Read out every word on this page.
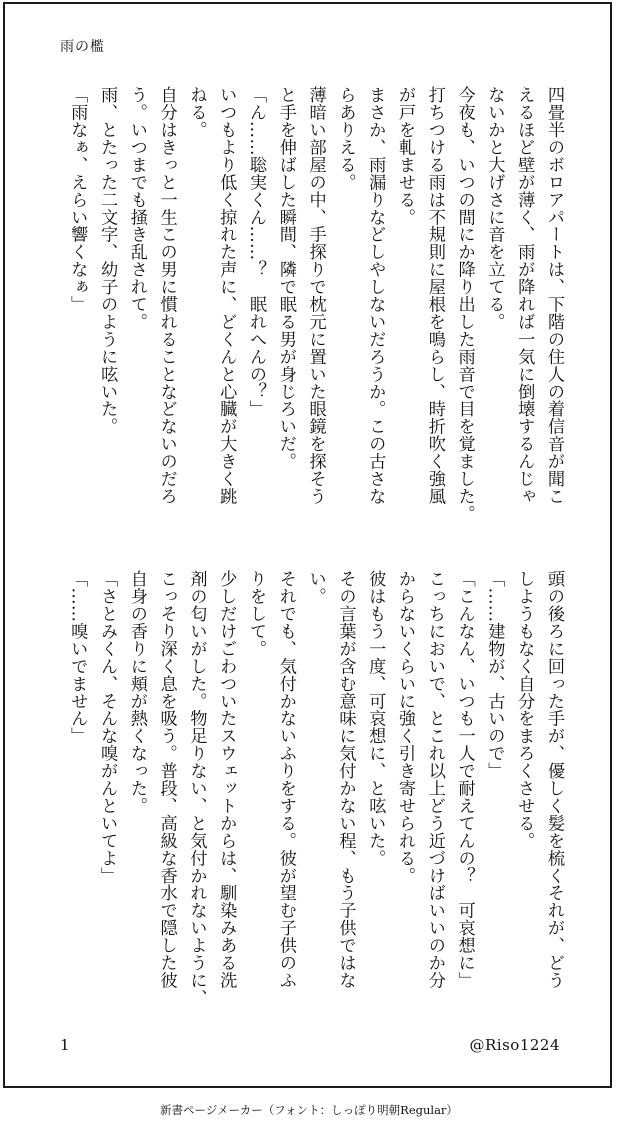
雨の檻
四畳半のボロアパートは、下階の住人の着信音が聞こ
えるほど壁が薄く、雨が降れば一気に倒壊するんじゃ
ないかと大げさに音を立てる。
今夜も、いつの間にか降り出した雨音で目を覚ました。
打ちつける雨は不規則に屋根を鳴らし、時折吹く強風
が戸を軋ませる。
まさか、雨漏りなどしやしないだろうか。この古さな
らありえる。
薄暗い部屋の中、手探りで枕元に置いた眼鏡を探そう
と手を伸ばした瞬間、隣で眠る男が身じろいだ。
「ん……聡実くん……？　眠れへんの？」
いつもより低く掠れた声に、どくんと心臓が大きく跳
ねる。
自分はきっと一生この男に慣れることなどないのだろ
う。いつまでも掻き乱されて。
雨、とたった二文字、幼子のように呟いた。
「雨なぁ、えらい響くなぁ」
頭の後ろに回った手が、優しく髪を梳くそれが、どう
しようもなく自分をまろくさせる。
「……建物が、古いので」
「こんなん、いつも一人で耐えてんの？　可哀想に」
こっちにおいで、とこれ以上どう近づけばいいのか分
からないくらいに強く引き寄せられる。
彼はもう一度、可哀想に、と呟いた。
その言葉が含む意味に気付かない程、もう子供ではな
い。
それでも、気付かないふりをする。彼が望む子供のふ
りをして。
少しだけごわついたスウェットからは、馴染みある洗
剤の匂いがした。物足りない、と気付かれないように、
こっそり深く息を吸う。普段、高級な香水で隠した彼
自身の香りに頬が熱くなった。
「さとみくん、そんな嗅がんといてよ」
「……嗅いでません」
1	@Riso1224
新書ページメーカー（フォント：しっぽり明朝Regular）
